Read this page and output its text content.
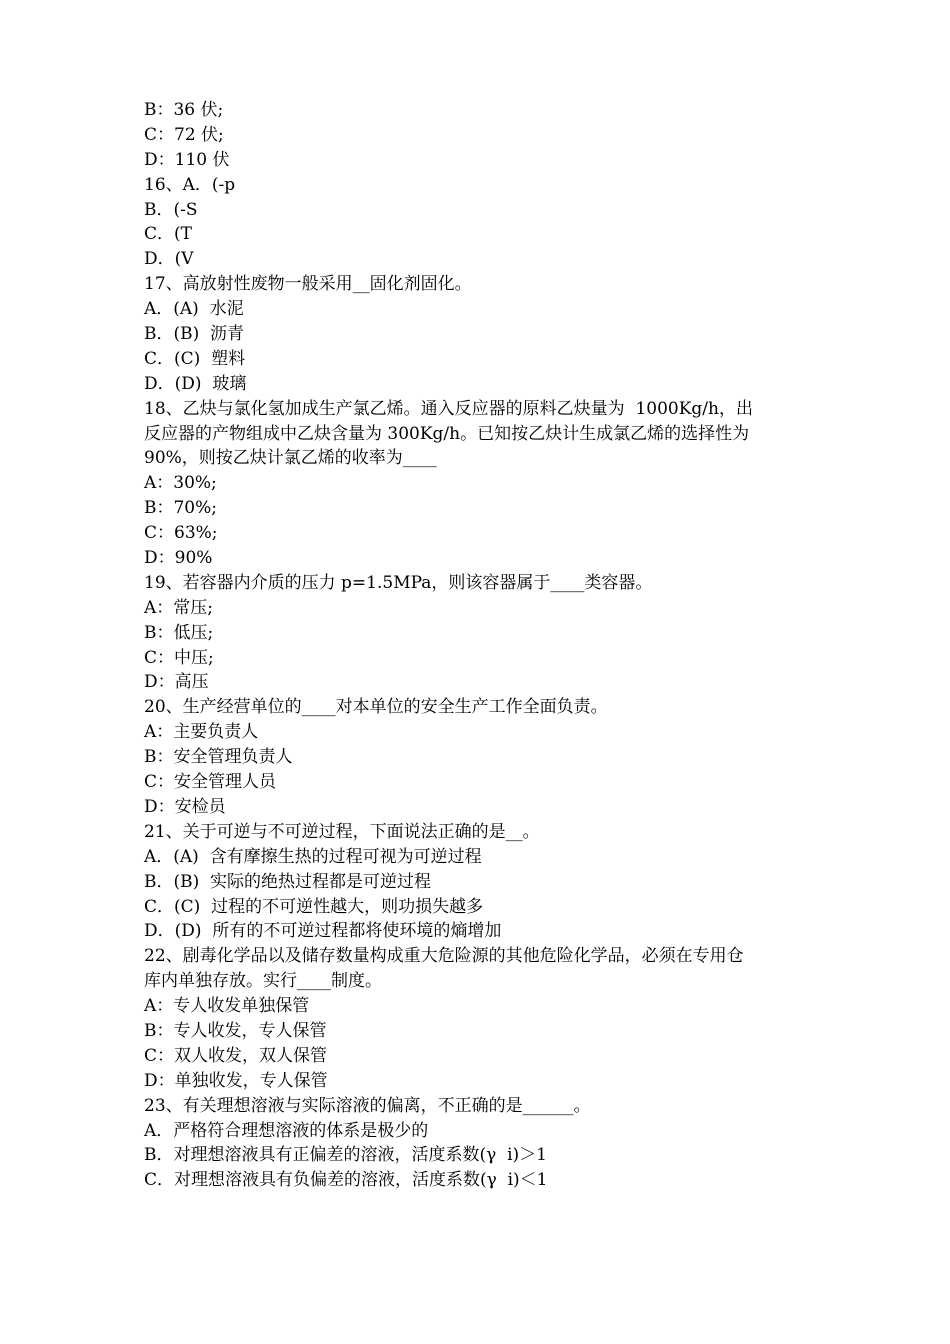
B：36 伏;
C：72 伏;
D：110 伏
16、A．(-p
B．(-S
C．(T
D．(V
17、高放射性废物一般采用__固化剂固化。
A．(A)  水泥
B．(B)  沥青
C．(C)  塑料
D．(D)  玻璃
18、乙炔与氯化氢加成生产氯乙烯。通入反应器的原料乙炔量为  1000Kg/h，出
反应器的产物组成中乙炔含量为 300Kg/h。已知按乙炔计生成氯乙烯的选择性为
90%，则按乙炔计氯乙烯的收率为____
A：30%;
B：70%;
C：63%;
D：90%
19、若容器内介质的压力 p=1.5MPa，则该容器属于____类容器。
A：常压;
B：低压;
C：中压;
D：高压
20、生产经营单位的____对本单位的安全生产工作全面负责。
A：主要负责人
B：安全管理负责人
C：安全管理人员
D：安检员
21、关于可逆与不可逆过程，下面说法正确的是__。
A．(A)  含有摩擦生热的过程可视为可逆过程
B．(B)  实际的绝热过程都是可逆过程
C．(C)  过程的不可逆性越大，则功损失越多
D．(D)  所有的不可逆过程都将使环境的熵增加
22、剧毒化学品以及储存数量构成重大危险源的其他危险化学品，必须在专用仓
库内单独存放。实行____制度。
A：专人收发单独保管
B：专人收发，专人保管
C：双人收发，双人保管
D：单独收发，专人保管
23、有关理想溶液与实际溶液的偏离，不正确的是______。
A．严格符合理想溶液的体系是极少的
B．对理想溶液具有正偏差的溶液，活度系数(γ  i)＞1
C．对理想溶液具有负偏差的溶液，活度系数(γ  i)＜1
